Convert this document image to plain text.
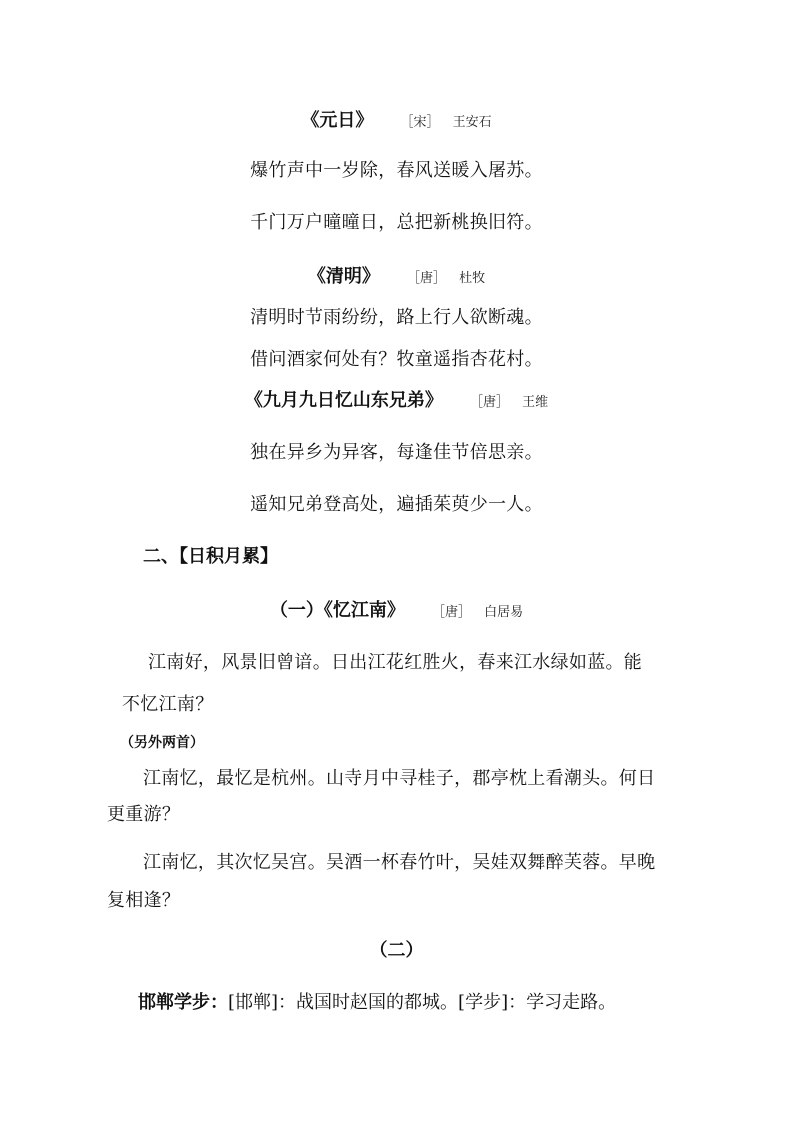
《元日》 ［宋］ 王安石
爆竹声中一岁除，春风送暖入屠苏。
千门万户曈曈日，总把新桃换旧符。
《清明》 ［唐］ 杜牧
清明时节雨纷纷，路上行人欲断魂。
借问酒家何处有？牧童遥指杏花村。
《九月九日忆山东兄弟》 ［唐］ 王维
独在异乡为异客，每逢佳节倍思亲。
遥知兄弟登高处，遍插茱萸少一人。
二、【日积月累】
（一）《忆江南》 ［唐］ 白居易
江南好，风景旧曾谙。日出江花红胜火，春来江水绿如蓝。能
不忆江南？
（另外两首）
江南忆，最忆是杭州。山寺月中寻桂子，郡亭枕上看潮头。何日
更重游？
江南忆，其次忆吴宫。吴酒一杯春竹叶，吴娃双舞醉芙蓉。早晚
复相逢？
（二）
邯郸学步：[邯郸]：战国时赵国的都城。[学步]：学习走路。
